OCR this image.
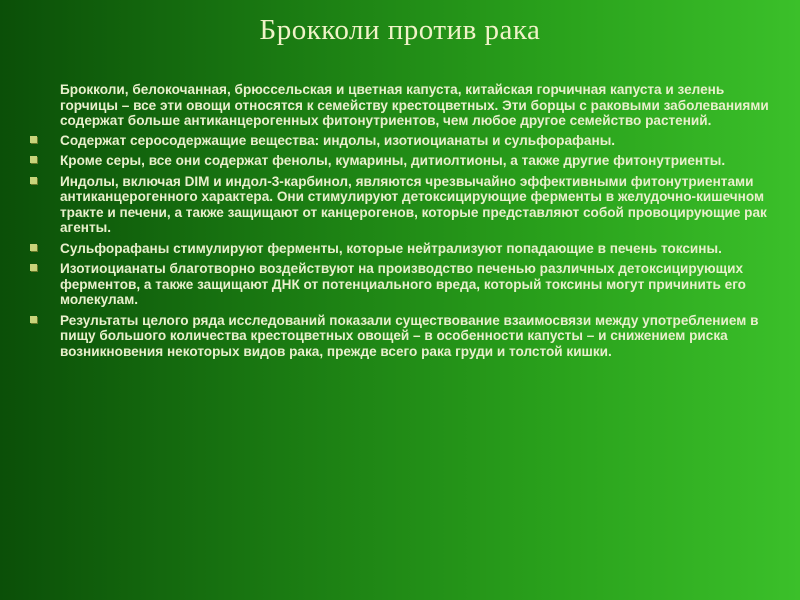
Брокколи против рака
Брокколи, белокочанная, брюссельская и цветная капуста, китайская горчичная капуста и зелень горчицы – все эти овощи относятся к семейству крестоцветных. Эти борцы с раковыми заболеваниями содержат больше антиканцерогенных фитонутриентов, чем любое другое семейство растений.
Содержат серосодержащие вещества: индолы, изотиоцианаты и сульфорафаны.
Кроме серы, все они содержат фенолы, кумарины, дитиолтионы, а также другие фитонутриенты.
Индолы, включая DIM и индол-3-карбинол, являются чрезвычайно эффективными фитонутриентами антиканцерогенного характера. Они стимулируют детоксицирующие ферменты в желудочно-кишечном тракте и печени, а также защищают от канцерогенов, которые представляют собой провоцирующие рак агенты.
Сульфорафаны стимулируют ферменты, которые нейтрализуют попадающие в печень токсины.
Изотиоцианаты благотворно воздействуют на производство печенью различных детоксицирующих ферментов, а также защищают ДНК от потенциального вреда, который токсины могут причинить его молекулам.
Результаты целого ряда исследований показали существование взаимосвязи между употреблением в пищу большого количества крестоцветных овощей – в особенности капусты – и снижением риска возникновения некоторых видов рака, прежде всего рака груди и толстой кишки.
